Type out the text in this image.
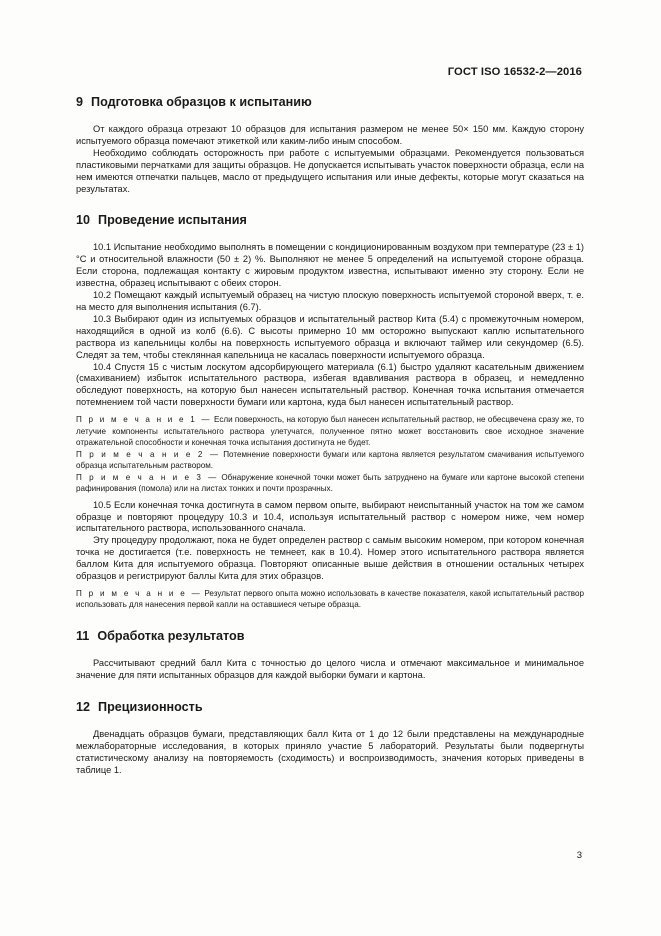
ГОСТ ISO 16532-2—2016
9 Подготовка образцов к испытанию

От каждого образца отрезают 10 образцов для испытания размером не менее 50× 150 мм. Каждую сторону испытуемого образца помечают этикеткой или каким-либо иным способом.

Необходимо соблюдать осторожность при работе с испытуемыми образцами. Рекомендуется пользоваться пластиковыми перчатками для защиты образцов. Не допускается испытывать участок поверхности образца, если на нем имеются отпечатки пальцев, масло от предыдущего испытания или иные дефекты, которые могут сказаться на результатах.

10 Проведение испытания

10.1 Испытание необходимо выполнять в помещении с кондиционированным воздухом при температуре (23 ± 1) °С и относительной влажности (50 ± 2) %. Выполняют не менее 5 определений на испытуемой стороне образца. Если сторона, подлежащая контакту с жировым продуктом известна, испытывают именно эту сторону. Если не известна, образец испытывают с обеих сторон.

10.2 Помещают каждый испытуемый образец на чистую плоскую поверхность испытуемой стороной вверх, т. е. на место для выполнения испытания (6.7).

10.3 Выбирают один из испытуемых образцов и испытательный раствор Кита (5.4) с промежуточным номером, находящийся в одной из колб (6.6). С высоты примерно 10 мм осторожно выпускают каплю испытательного раствора из капельницы колбы на поверхность испытуемого образца и включают таймер или секундомер (6.5). Следят за тем, чтобы стеклянная капельница не касалась поверхности испытуемого образца.

10.4 Спустя 15 с чистым лоскутом адсорбирующего материала (6.1) быстро удаляют касательным движением (смахиванием) избыток испытательного раствора, избегая вдавливания раствора в образец, и немедленно обследуют поверхность, на которую был нанесен испытательный раствор. Конечная точка испытания отмечается потемнением той части поверхности бумаги или картона, куда был нанесен испытательный раствор.

П р и м е ч а н и е 1 — Если поверхность, на которую был нанесен испытательный раствор, не обесцвечена сразу же, то летучие компоненты испытательного раствора улетучатся, полученное пятно может восстановить свое исходное значение отражательной способности и конечная точка испытания достигнута не будет.

П р и м е ч а н и е 2 — Потемнение поверхности бумаги или картона является результатом смачивания испытуемого образца испытательным раствором.

П р и м е ч а н и е 3 — Обнаружение конечной точки может быть затруднено на бумаге или картоне высокой степени рафинирования (помола) или на листах тонких и почти прозрачных.

10.5 Если конечная точка достигнута в самом первом опыте, выбирают неиспытанный участок на том же самом образце и повторяют процедуру 10.3 и 10.4, используя испытательный раствор с номером ниже, чем номер испытательного раствора, использованного сначала.

Эту процедуру продолжают, пока не будет определен раствор с самым высоким номером, при котором конечная точка не достигается (т.е. поверхность не темнеет, как в 10.4). Номер этого испытательного раствора является баллом Кита для испытуемого образца. Повторяют описанные выше действия в отношении остальных четырех образцов и регистрируют баллы Кита для этих образцов.

П р и м е ч а н и е — Результат первого опыта можно использовать в качестве показателя, какой испытательный раствор использовать для нанесения первой капли на оставшиеся четыре образца.

11 Обработка результатов

Рассчитывают средний балл Кита с точностью до целого числа и отмечают максимальное и минимальное значение для пяти испытанных образцов для каждой выборки бумаги и картона.

12 Прецизионность

Двенадцать образцов бумаги, представляющих балл Кита от 1 до 12 были представлены на международные межлабораторные исследования, в которых приняло участие 5 лабораторий. Результаты были подвергнуты статистическому анализу на повторяемость (сходимость) и воспроизводимость, значения которых приведены в таблице 1.

3
